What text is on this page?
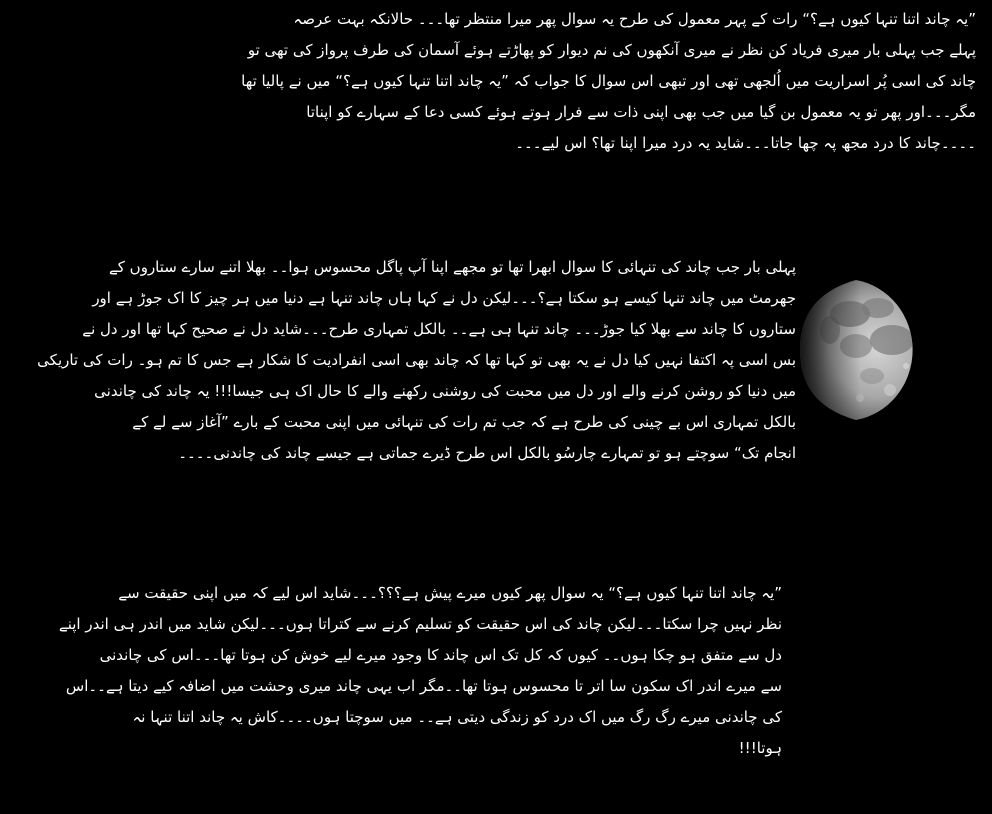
”یہ چاند اتنا تنہا کیوں ہے؟“ رات کے پہر معمول کی طرح یہ سوال پھر میرا منتظر تھا۔۔۔ حالانکہ بہت عرصہ
پہلے جب پہلی بار میری فریاد کن نظر نے میری آنکھوں کی نم دیوار کو پھاڑتے ہوئے آسمان کی طرف پرواز کی تھی تو
چاند کی اسی پُر اسراریت میں اُلجھی تھی اور تبھی اس سوال کا جواب کہ ”یہ چاند اتنا تنہا کیوں ہے؟“ میں نے پالیا تھا
مگر۔۔۔اور پھر تو یہ معمول بن گیا میں جب بھی اپنی ذات سے فرار ہوتے ہوئے کسی دعا کے سہارے کو اپناتا
۔۔۔۔چاند کا درد مجھ پہ چھا جاتا۔۔۔شاید یہ درد میرا اپنا تھا؟ اس لیے۔۔۔
پہلی بار جب چاند کی تنہائی کا سوال ابھرا تھا تو مجھے اپنا آپ پاگل محسوس ہوا۔۔ بھلا اتنے سارے ستاروں کے
جھرمٹ میں چاند تنہا کیسے ہو سکتا ہے؟۔۔۔لیکن دل نے کہا ہاں چاند تنہا ہے دنیا میں ہر چیز کا اک جوڑ ہے اور
ستاروں کا چاند سے بھلا کیا جوڑ۔۔۔ چاند تنہا ہی ہے۔۔ بالکل تمہاری طرح۔۔۔شاید دل نے صحیح کہا تھا اور دل نے
بس اسی پہ اکتفا نہیں کیا دل نے یہ بھی تو کہا تھا کہ چاند بھی اسی انفرادیت کا شکار ہے جس کا تم ہو۔ رات کی تاریکی
میں دنیا کو روشن کرنے والے اور دل میں محبت کی روشنی رکھنے والے کا حال اک ہی جیسا!!! یہ چاند کی چاندنی
بالکل تمہاری اس بے چینی کی طرح ہے کہ جب تم رات کی تنہائی میں اپنی محبت کے بارے ”آغاز سے لے کے
انجام تک“ سوچتے ہو تو تمہارے چارسُو بالکل اس طرح ڈیرے جماتی ہے جیسے چاند کی چاندنی۔۔۔۔
”یہ چاند اتنا تنہا کیوں ہے؟“ یہ سوال پھر کیوں میرے پیش ہے؟؟؟۔۔۔شاید اس لیے کہ میں اپنی حقیقت سے
نظر نہیں چرا سکتا۔۔۔لیکن چاند کی اس حقیقت کو تسلیم کرنے سے کتراتا ہوں۔۔۔لیکن شاید میں اندر ہی اندر اپنے
دل سے متفق ہو چکا ہوں۔۔ کیوں کہ کل تک اس چاند کا وجود میرے لیے خوش کن ہوتا تھا۔۔۔اس کی چاندنی
سے میرے اندر اک سکون سا اتر تا محسوس ہوتا تھا۔۔مگر اب یہی چاند میری وحشت میں اضافہ کیے دیتا ہے۔۔اس
کی چاندنی میرے رگ رگ میں اک درد کو زندگی دیتی ہے۔۔ میں سوچتا ہوں۔۔۔۔کاش یہ چاند اتنا تنہا نہ
ہوتا!!!
